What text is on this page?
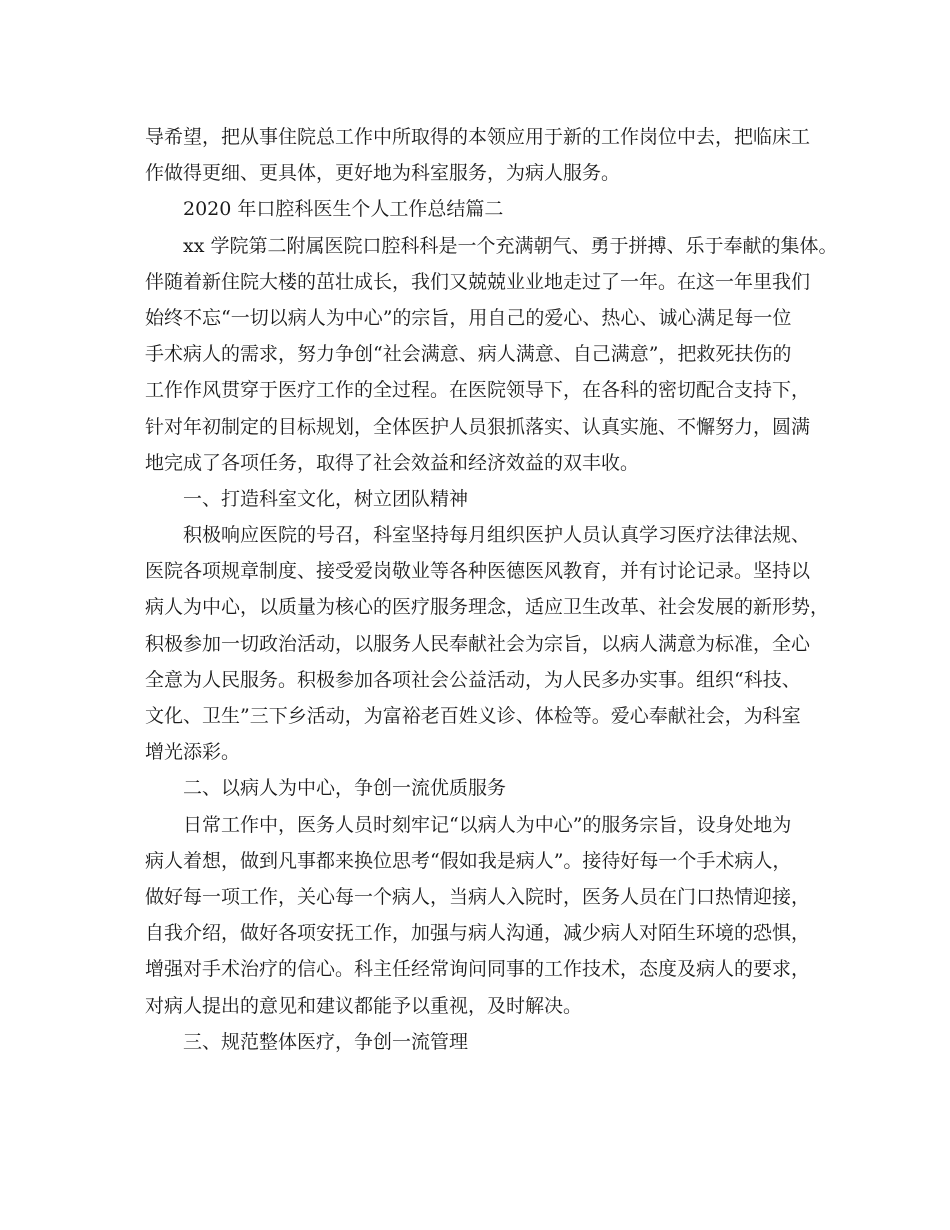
导希望，把从事住院总工作中所取得的本领应用于新的工作岗位中去，把临床工
作做得更细、更具体，更好地为科室服务，为病人服务。
2020 年口腔科医生个人工作总结篇二
xx 学院第二附属医院口腔科科是一个充满朝气、勇于拼搏、乐于奉献的集体。
伴随着新住院大楼的茁壮成长，我们又兢兢业业地走过了一年。在这一年里我们
始终不忘“一切以病人为中心”的宗旨，用自己的爱心、热心、诚心满足每一位
手术病人的需求，努力争创“社会满意、病人满意、自己满意”，把救死扶伤的
工作作风贯穿于医疗工作的全过程。在医院领导下，在各科的密切配合支持下，
针对年初制定的目标规划，全体医护人员狠抓落实、认真实施、不懈努力，圆满
地完成了各项任务，取得了社会效益和经济效益的双丰收。
一、打造科室文化，树立团队精神
积极响应医院的号召，科室坚持每月组织医护人员认真学习医疗法律法规、
医院各项规章制度、接受爱岗敬业等各种医德医风教育，并有讨论记录。坚持以
病人为中心，以质量为核心的医疗服务理念，适应卫生改革、社会发展的新形势，
积极参加一切政治活动，以服务人民奉献社会为宗旨，以病人满意为标准，全心
全意为人民服务。积极参加各项社会公益活动，为人民多办实事。组织“科技、
文化、卫生”三下乡活动，为富裕老百姓义诊、体检等。爱心奉献社会，为科室
增光添彩。
二、以病人为中心，争创一流优质服务
日常工作中，医务人员时刻牢记“以病人为中心”的服务宗旨，设身处地为
病人着想，做到凡事都来换位思考“假如我是病人”。接待好每一个手术病人，
做好每一项工作，关心每一个病人，当病人入院时，医务人员在门口热情迎接，
自我介绍，做好各项安抚工作，加强与病人沟通，减少病人对陌生环境的恐惧，
增强对手术治疗的信心。科主任经常询问同事的工作技术，态度及病人的要求，
对病人提出的意见和建议都能予以重视，及时解决。
三、规范整体医疗，争创一流管理
